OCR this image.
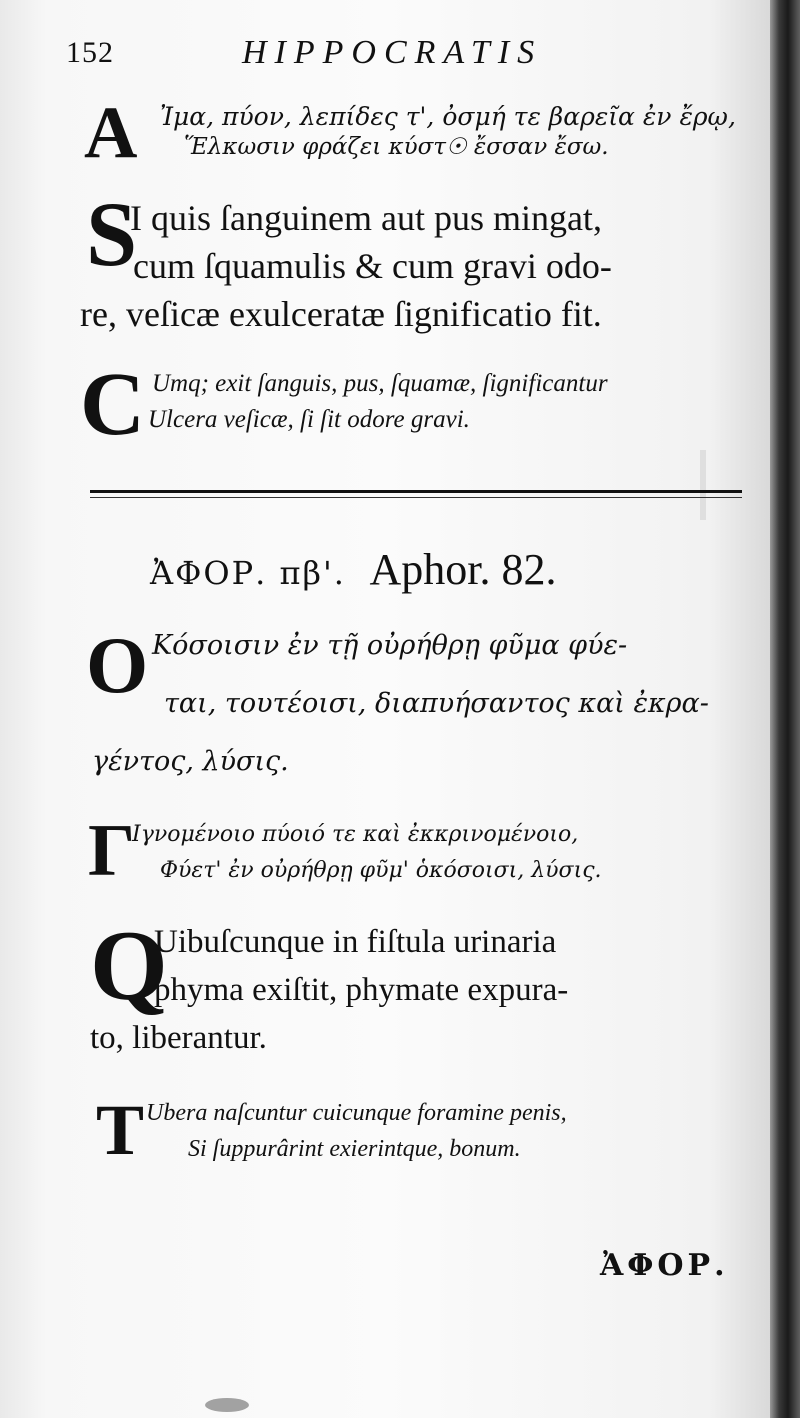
152	HIPPOCRATIS
A Ἰμα, πύον, λεπίδες τ', ὀσμή τε βαρεῖα ἐν ἔρῳ,
Ἕλκωσιν φράζει κύστ☉ ἔσσαν ἔσω.
S
I quis ſanguinem aut pus mingat,
cum ſquamulis & cum gravi odo-
re, veſicæ exulceratæ ſignificatio fit.
C Umq; exit ſanguis, pus, ſquamæ, ſignificantur
Ulcera veſicæ, ſi ſit odore gravi.
ἈΦΟΡ. πβ'. Aphor. 82.
O Κόσοισιν ἐν τῇ οὐρήθρῃ φῦμα φύε-
ται, τουτέοισι, διαπυήσαντος καὶ ἐκρα-
γέντος, λύσις.
Γ
Ιγνομένοιο πύοιό τε καὶ ἐκκρινομένοιο,
Φύετ' ἐν οὐρήθρῃ φῦμ' ὁκόσοισι, λύσις.
Q
Uibuſcunque in fiſtula urinaria
phyma exiſtit, phymate expura-
to, liberantur.
T Ubera naſcuntur cuicunque foramine penis,
Si ſuppurârint exierintque, bonum.
ἈΦΟΡ.
